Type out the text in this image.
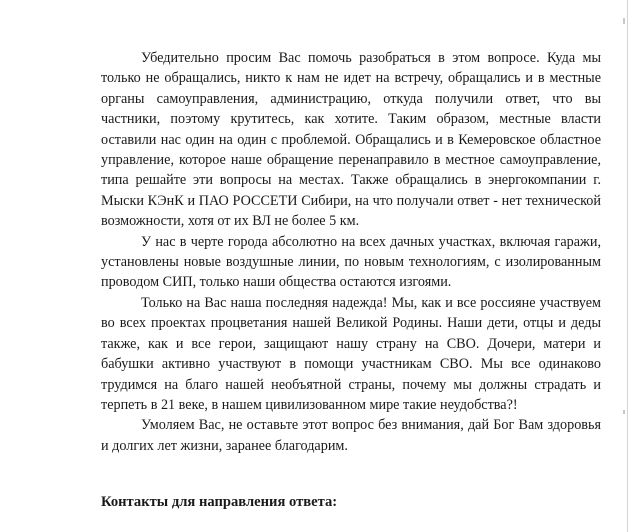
Убедительно просим Вас помочь разобраться в этом вопросе. Куда мы только не обращались, никто к нам не идет на встречу, обращались и в местные органы самоуправления, администрацию, откуда получили ответ, что вы частники, поэтому крутитесь, как хотите. Таким образом, местные власти оставили нас один на один с проблемой. Обращались и в Кемеровское областное управление, которое наше обращение перенаправило в местное самоуправление, типа решайте эти вопросы на местах. Также обращались в энергокомпании г. Мыски КЭнК и ПАО РОССЕТИ Сибири, на что получали ответ - нет технической возможности, хотя от их ВЛ не более 5 км.

У нас в черте города абсолютно на всех дачных участках, включая гаражи, установлены новые воздушные линии, по новым технологиям, с изолированным проводом СИП, только наши общества остаются изгоями.

Только на Вас наша последняя надежда! Мы, как и все россияне участвуем во всех проектах процветания нашей Великой Родины. Наши дети, отцы и деды также, как и все герои, защищают нашу страну на СВО. Дочери, матери и бабушки активно участвуют в помощи участникам СВО. Мы все одинаково трудимся на благо нашей необъятной страны, почему мы должны страдать и терпеть в 21 веке, в нашем цивилизованном мире такие неудобства?!

Умоляем Вас, не оставьте этот вопрос без внимания, дай Бог Вам здоровья и долгих лет жизни, заранее благодарим.

Контакты для направления ответа:
